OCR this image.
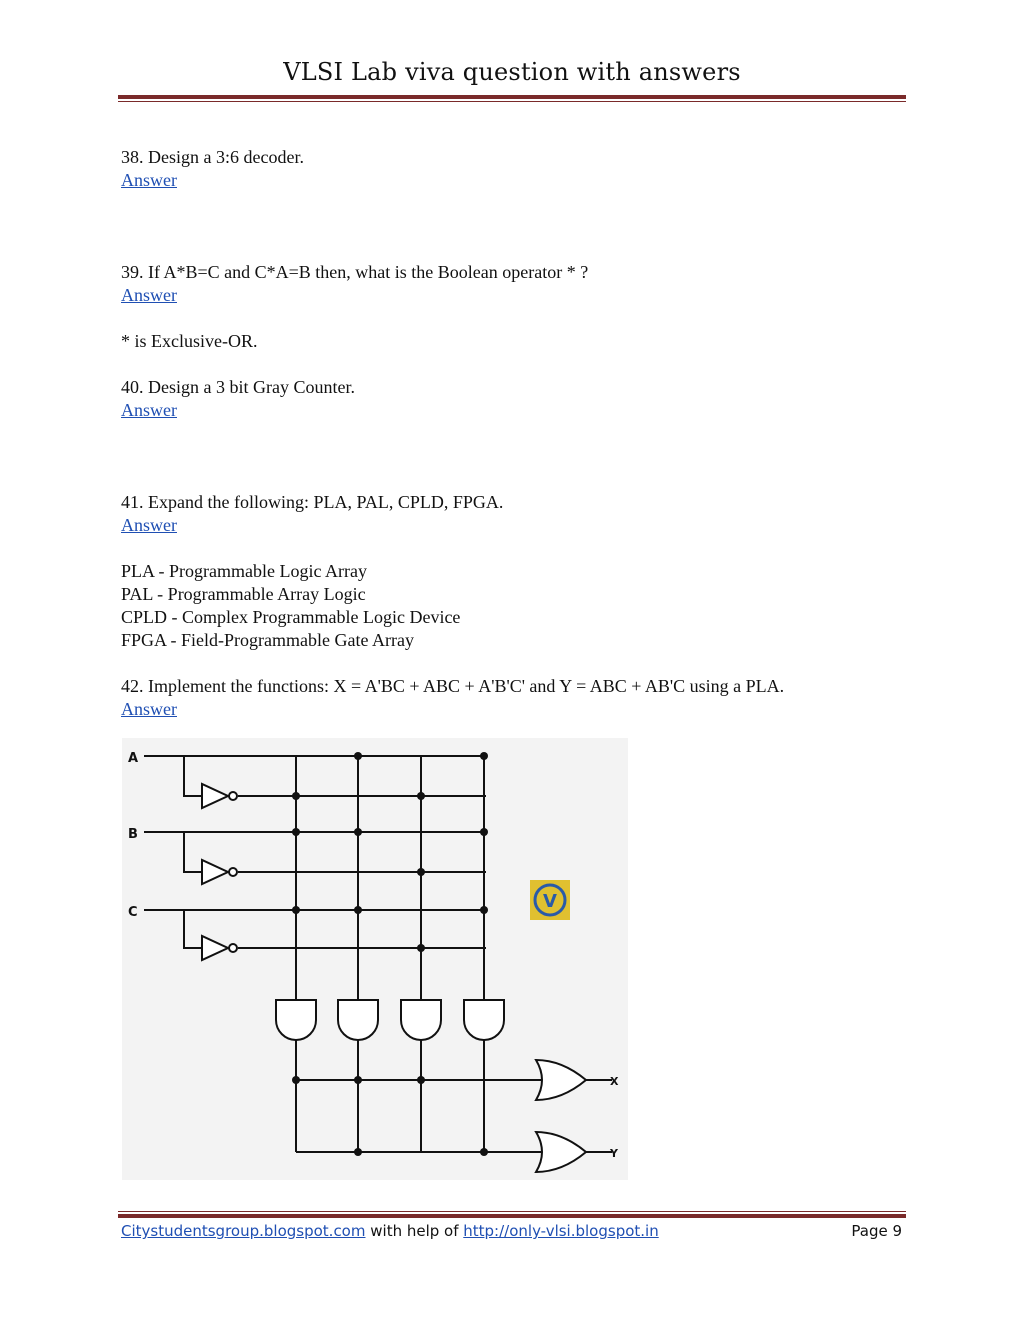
VLSI Lab viva question with answers

38. Design a 3:6 decoder.

Answer

39. If A*B=C and C*A=B then, what is the Boolean operator * ?

Answer

* is Exclusive-OR.

40. Design a 3 bit Gray Counter.

Answer

41. Expand the following: PLA, PAL, CPLD, FPGA.

Answer

PLA - Programmable Logic Array

PAL - Programmable Array Logic

CPLD - Complex Programmable Logic Device

FPGA - Field-Programmable Gate Array

42. Implement the functions: X = A'BC + ABC + A'B'C' and Y = ABC + AB'C using a PLA.

Answer

A
B
C
X
Y
V
Citystudentsgroup.blogspot.com with help of http://only-vlsi.blogspot.in	Page 9
